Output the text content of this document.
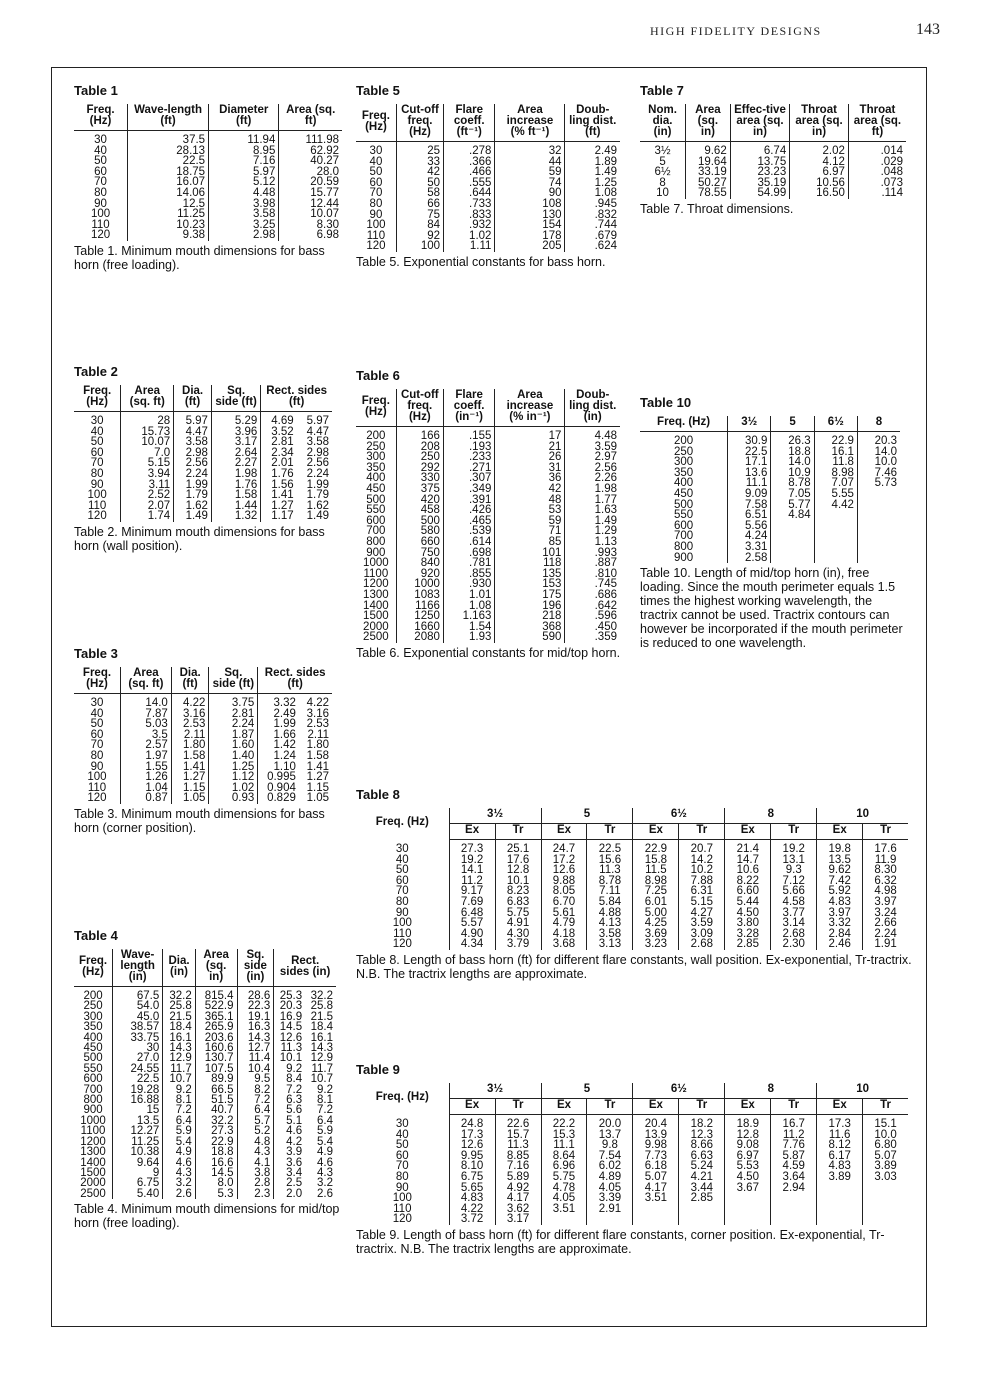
HIGH FIDELITY DESIGNS	143
Table 1
Freq. (Hz)	Wave-length (ft)	Diameter (ft)	Area (sq. ft)
30	37.5	11.94	111.98
40	28.13	8.95	62.92
50	22.5	7.16	40.27
60	18.75	5.97	28.0
70	16.07	5.12	20.59
80	14.06	4.48	15.77
90	12.5	3.98	12.44
100	11.25	3.58	10.07
110	10.23	3.25	8.30
120	9.38	2.98	6.98
Table 1. Minimum mouth dimensions for bass horn (free loading).
Table 2
Freq. (Hz)	Area (sq. ft)	Dia. (ft)	Sq. side (ft)	Rect. sides (ft)	
30	28	5.97	5.29	4.69	5.97
40	15.73	4.47	3.96	3.52	4.47
50	10.07	3.58	3.17	2.81	3.58
60	7.0	2.98	2.64	2.34	2.98
70	5.15	2.56	2.27	2.01	2.56
80	3.94	2.24	1.98	1.76	2.24
90	3.11	1.99	1.76	1.56	1.99
100	2.52	1.79	1.58	1.41	1.79
110	2.07	1.62	1.44	1.27	1.62
120	1.74	1.49	1.32	1.17	1.49
Table 2. Minimum mouth dimensions for bass horn (wall position).
Table 3
Freq. (Hz)	Area (sq. ft)	Dia. (ft)	Sq. side (ft)	Rect. sides (ft)	
30	14.0	4.22	3.75	3.32	4.22
40	7.87	3.16	2.81	2.49	3.16
50	5.03	2.53	2.24	1.99	2.53
60	3.5	2.11	1.87	1.66	2.11
70	2.57	1.80	1.60	1.42	1.80
80	1.97	1.58	1.40	1.24	1.58
90	1.55	1.41	1.25	1.10	1.41
100	1.26	1.27	1.12	0.995	1.27
110	1.04	1.15	1.02	0.904	1.15
120	0.87	1.05	0.93	0.829	1.05
Table 3. Minimum mouth dimensions for bass horn (corner position).
Table 4
Freq. (Hz)	Wave-length (in)	Dia. (in)	Area (sq. in)	Sq. side (in)	Rect. sides (in)	
200	67.5	32.2	815.4	28.6	25.3	32.2
250	54.0	25.8	522.9	22.3	20.3	25.8
300	45.0	21.5	365.1	19.1	16.9	21.5
350	38.57	18.4	265.9	16.3	14.5	18.4
400	33.75	16.1	203.6	14.3	12.6	16.1
450	30	14.3	160.6	12.7	11.3	14.3
500	27.0	12.9	130.7	11.4	10.1	12.9
550	24.55	11.7	107.5	10.4	9.2	11.7
600	22.5	10.7	89.9	9.5	8.4	10.7
700	19.28	9.2	66.5	8.2	7.2	9.2
800	16.88	8.1	51.5	7.2	6.3	8.1
900	15	7.2	40.7	6.4	5.6	7.2
1000	13.5	6.4	32.2	5.7	5.1	6.4
1100	12.27	5.9	27.3	5.2	4.6	5.9
1200	11.25	5.4	22.9	4.8	4.2	5.4
1300	10.38	4.9	18.8	4.3	3.9	4.9
1400	9.64	4.6	16.6	4.1	3.6	4.6
1500	9	4.3	14.5	3.8	3.4	4.3
2000	6.75	3.2	8.0	2.8	2.5	3.2
2500	5.40	2.6	5.3	2.3	2.0	2.6
Table 4. Minimum mouth dimensions for mid/top horn (free loading).
Table 5
Freq. (Hz)	Cut-off freq. (Hz)	Flare coeff. (ft⁻¹)	Area increase (% ft⁻¹)	Doub-ling dist. (ft)
30	25	.278	32	2.49
40	33	.366	44	1.89
50	42	.466	59	1.49
60	50	.555	74	1.25
70	58	.644	90	1.08
80	66	.733	108	.945
90	75	.833	130	.832
100	84	.932	154	.744
110	92	1.02	178	.679
120	100	1.11	205	.624
Table 5. Exponential constants for bass horn.
Table 6
Freq. (Hz)	Cut-off freq. (Hz)	Flare coeff. (in⁻¹)	Area increase (% in⁻¹)	Doub-ling dist. (in)
200	166	.155	17	4.48
250	208	.193	21	3.59
300	250	.233	26	2.97
350	292	.271	31	2.56
400	330	.307	36	2.26
450	375	.349	42	1.98
500	420	.391	48	1.77
550	458	.426	53	1.63
600	500	.465	59	1.49
700	580	.539	71	1.29
800	660	.614	85	1.13
900	750	.698	101	.993
1000	840	.781	118	.887
1100	920	.855	135	.810
1200	1000	.930	153	.745
1300	1083	1.01	175	.686
1400	1166	1.08	196	.642
1500	1250	1.163	218	.596
2000	1660	1.54	368	.450
2500	2080	1.93	590	.359
Table 6. Exponential constants for mid/top horn.
Table 7
Nom. dia. (in)	Area (sq. in)	Effec-tive area (sq. in)	Throat area (sq. in)	Throat area (sq. ft)
3½	9.62	6.74	2.02	.014
5	19.64	13.75	4.12	.029
6½	33.19	23.23	6.97	.048
8	50.27	35.19	10.56	.073
10	78.55	54.99	16.50	.114
Table 7. Throat dimensions.
Table 10
Freq. (Hz)	3½	5	6½	8
200	30.9	26.3	22.9	20.3
250	22.5	18.8	16.1	14.0
300	17.1	14.0	11.8	10.0
350	13.6	10.9	8.98	7.46
400	11.1	8.78	7.07	5.73
450	9.09	7.05	5.55	
500	7.58	5.77	4.42	
550	6.51	4.84		
600	5.56			
700	4.24			
800	3.31			
900	2.58			
Table 10. Length of mid/top horn (in), free loading. Since the mouth perimeter equals 1.5 times the highest working wavelength, the tractrix cannot be used. Tractrix contours can however be incorporated if the mouth perimeter is reduced to one wavelength.
Table 8
Freq. (Hz)	3½		5		6½		8		10	
	Ex	Tr	Ex	Tr	Ex	Tr	Ex	Tr	Ex	Tr
30	27.3	25.1	24.7	22.5	22.9	20.7	21.4	19.2	19.8	17.6
40	19.2	17.6	17.2	15.6	15.8	14.2	14.7	13.1	13.5	11.9
50	14.1	12.8	12.6	11.3	11.5	10.2	10.6	9.3	9.62	8.30
60	11.2	10.1	9.88	8.78	8.98	7.88	8.22	7.12	7.42	6.32
70	9.17	8.23	8.05	7.11	7.25	6.31	6.60	5.66	5.92	4.98
80	7.69	6.83	6.70	5.84	6.01	5.15	5.44	4.58	4.83	3.97
90	6.48	5.75	5.61	4.88	5.00	4.27	4.50	3.77	3.97	3.24
100	5.57	4.91	4.79	4.13	4.25	3.59	3.80	3.14	3.32	2.66
110	4.90	4.30	4.18	3.58	3.69	3.09	3.28	2.68	2.84	2.24
120	4.34	3.79	3.68	3.13	3.23	2.68	2.85	2.30	2.46	1.91
Table 8. Length of bass horn (ft) for different flare constants, wall position. Ex-exponential, Tr-tractrix. N.B. The tractrix lengths are approximate.
Table 9
Freq. (Hz)	3½		5		6½		8		10	
	Ex	Tr	Ex	Tr	Ex	Tr	Ex	Tr	Ex	Tr
30	24.8	22.6	22.2	20.0	20.4	18.2	18.9	16.7	17.3	15.1
40	17.3	15.7	15.3	13.7	13.9	12.3	12.8	11.2	11.6	10.0
50	12.6	11.3	11.1	9.8	9.98	8.66	9.08	7.76	8.12	6.80
60	9.95	8.85	8.64	7.54	7.73	6.63	6.97	5.87	6.17	5.07
70	8.10	7.16	6.96	6.02	6.18	5.24	5.53	4.59	4.83	3.89
80	6.75	5.89	5.75	4.89	5.07	4.21	4.50	3.64	3.89	3.03
90	5.65	4.92	4.78	4.05	4.17	3.44	3.67	2.94		
100	4.83	4.17	4.05	3.39	3.51	2.85				
110	4.22	3.62	3.51	2.91						
120	3.72	3.17								
Table 9. Length of bass horn (ft) for different flare constants, corner position. Ex-exponential, Tr-tractrix. N.B. The tractrix lengths are approximate.
